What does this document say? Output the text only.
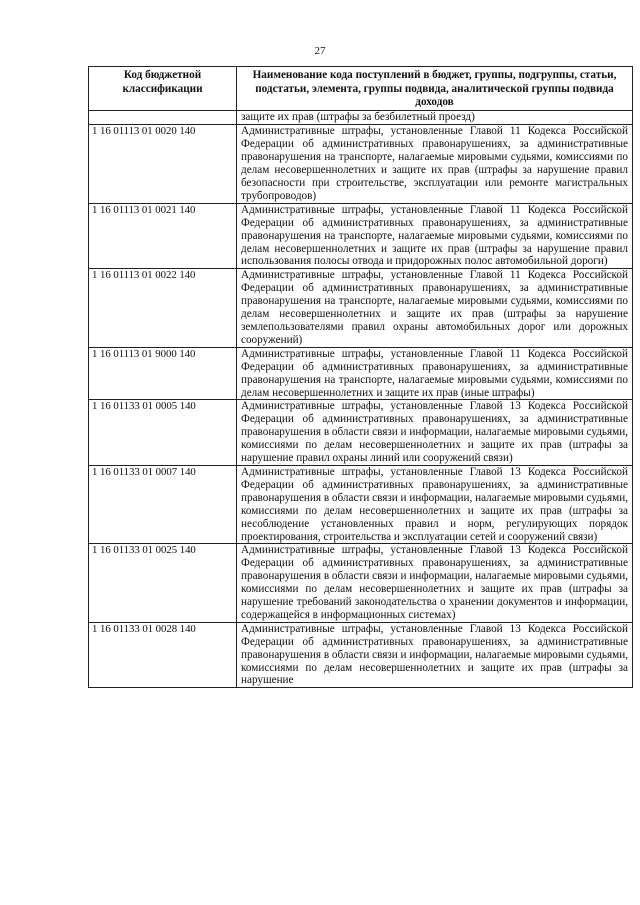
27
Код бюджетной классификации	Наименование кода поступлений в бюджет, группы, подгруппы, статьи, подстатьи, элемента, группы подвида, аналитической группы подвида доходов
	защите их прав (штрафы за безбилетный проезд)
1 16 01113 01 0020 140	Административные штрафы, установленные Главой 11 Кодекса Российской Федерации об административных правонарушениях, за административные правонарушения на транспорте, налагаемые мировыми судьями, комиссиями по делам несовершеннолетних и защите их прав (штрафы за нарушение правил безопасности при строительстве, эксплуатации или ремонте магистральных трубопроводов)
1 16 01113 01 0021 140	Административные штрафы, установленные Главой 11 Кодекса Российской Федерации об административных правонарушениях, за административные правонарушения на транспорте, налагаемые мировыми судьями, комиссиями по делам несовершеннолетних и защите их прав (штрафы за нарушение правил использования полосы отвода и придорожных полос автомобильной дороги)
1 16 01113 01 0022 140	Административные штрафы, установленные Главой 11 Кодекса Российской Федерации об административных правонарушениях, за административные правонарушения на транспорте, налагаемые мировыми судьями, комиссиями по делам несовершеннолетних и защите их прав (штрафы за нарушение землепользователями правил охраны автомобильных дорог или дорожных сооружений)
1 16 01113 01 9000 140	Административные штрафы, установленные Главой 11 Кодекса Российской Федерации об административных правонарушениях, за административные правонарушения на транспорте, налагаемые мировыми судьями, комиссиями по делам несовершеннолетних и защите их прав (иные штрафы)
1 16 01133 01 0005 140	Административные штрафы, установленные Главой 13 Кодекса Российской Федерации об административных правонарушениях, за административные правонарушения в области связи и информации, налагаемые мировыми судьями, комиссиями по делам несовершеннолетних и защите их прав (штрафы за нарушение правил охраны линий или сооружений связи)
1 16 01133 01 0007 140	Административные штрафы, установленные Главой 13 Кодекса Российской Федерации об административных правонарушениях, за административные правонарушения в области связи и информации, налагаемые мировыми судьями, комиссиями по делам несовершеннолетних и защите их прав (штрафы за несоблюдение установленных правил и норм, регулирующих порядок проектирования, строительства и эксплуатации сетей и сооружений связи)
1 16 01133 01 0025 140	Административные штрафы, установленные Главой 13 Кодекса Российской Федерации об административных правонарушениях, за административные правонарушения в области связи и информации, налагаемые мировыми судьями, комиссиями по делам несовершеннолетних и защите их прав (штрафы за нарушение требований законодательства о хранении документов и информации, содержащейся в информационных системах)
1 16 01133 01 0028 140	Административные штрафы, установленные Главой 13 Кодекса Российской Федерации об административных правонарушениях, за административные правонарушения в области связи и информации, налагаемые мировыми судьями, комиссиями по делам несовершеннолетних и защите их прав (штрафы за нарушение
